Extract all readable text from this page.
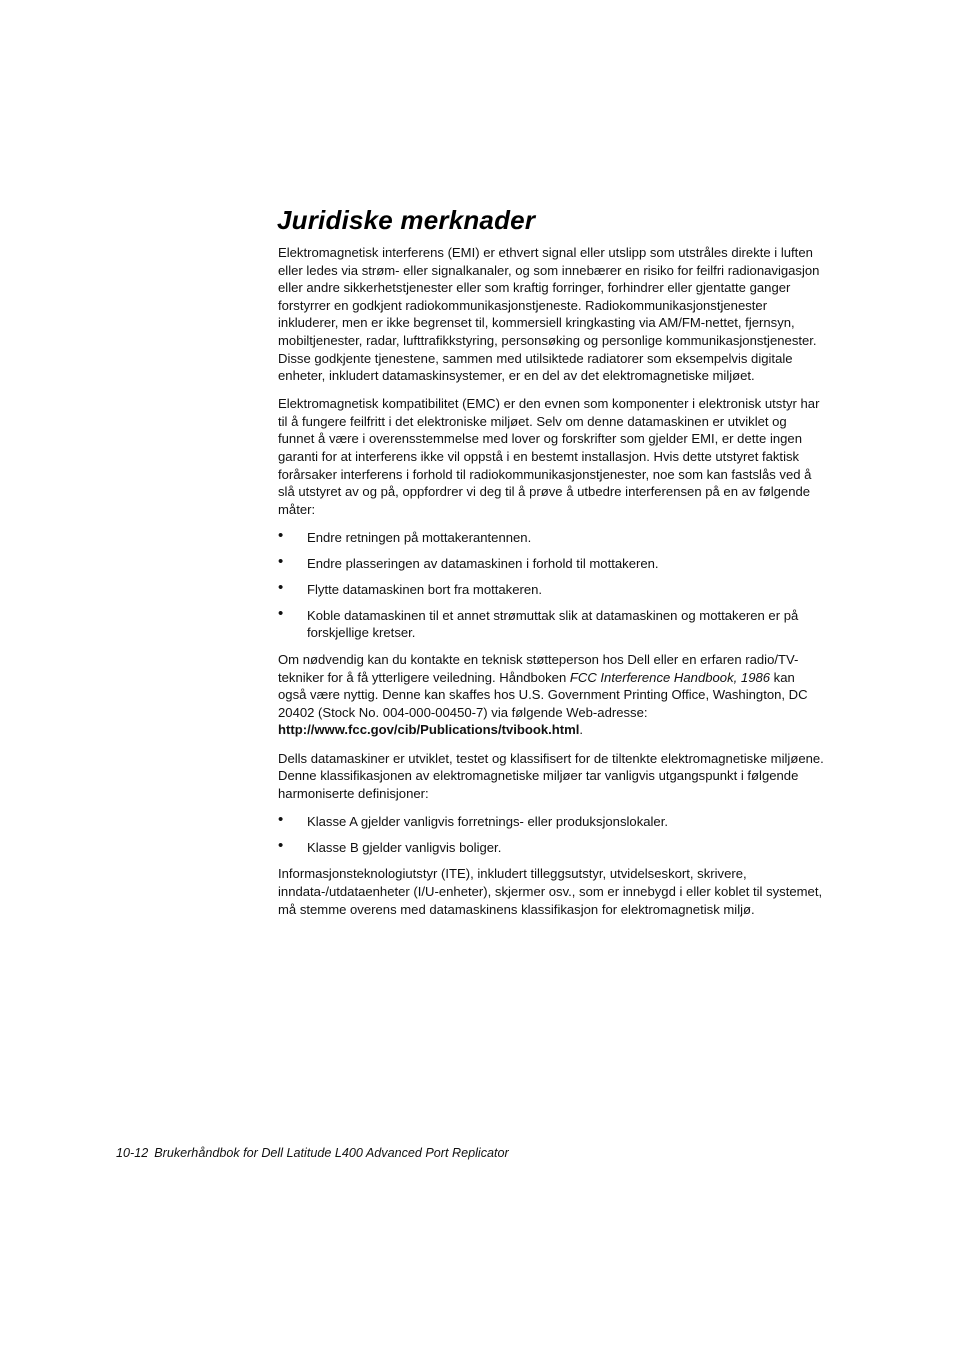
Juridiske merknader

Elektromagnetisk interferens (EMI) er ethvert signal eller utslipp som utstråles direkte i luften eller ledes via strøm- eller signalkanaler, og som innebærer en risiko for feilfri radionavigasjon eller andre sikkerhetstjenester eller som kraftig forringer, forhindrer eller gjentatte ganger forstyrrer en godkjent radiokommunikasjonstjeneste. Radiokommunikasjonstjenester inkluderer, men er ikke begrenset til, kommersiell kringkasting via AM/FM-nettet, fjernsyn, mobiltjenester, radar, lufttrafikkstyring, personsøking og personlige kommunikasjonstjenester. Disse godkjente tjenestene, sammen med utilsiktede radiatorer som eksempelvis digitale enheter, inkludert datamaskinsystemer, er en del av det elektromagnetiske miljøet.

Elektromagnetisk kompatibilitet (EMC) er den evnen som komponenter i elektronisk utstyr har til å fungere feilfritt i det elektroniske miljøet. Selv om denne datamaskinen er utviklet og funnet å være i overensstemmelse med lover og forskrifter som gjelder EMI, er dette ingen garanti for at interferens ikke vil oppstå i en bestemt installasjon. Hvis dette utstyret faktisk forårsaker interferens i forhold til radiokommunikasjonstjenester, noe som kan fastslås ved å slå utstyret av og på, oppfordrer vi deg til å prøve å utbedre interferensen på en av følgende måter:

• Endre retningen på mottakerantennen.
• Endre plasseringen av datamaskinen i forhold til mottakeren.
• Flytte datamaskinen bort fra mottakeren.
• Koble datamaskinen til et annet strømuttak slik at datamaskinen og mottakeren er på forskjellige kretser.

Om nødvendig kan du kontakte en teknisk støtteperson hos Dell eller en erfaren radio/TV-tekniker for å få ytterligere veiledning. Håndboken FCC Interference Handbook, 1986 kan også være nyttig. Denne kan skaffes hos U.S. Government Printing Office, Washington, DC 20402 (Stock No. 004-000-00450-7) via følgende Web-adresse: http://www.fcc.gov/cib/Publications/tvibook.html.

Dells datamaskiner er utviklet, testet og klassifisert for de tiltenkte elektromagnetiske miljøene. Denne klassifikasjonen av elektromagnetiske miljøer tar vanligvis utgangspunkt i følgende harmoniserte definisjoner:

• Klasse A gjelder vanligvis forretnings- eller produksjonslokaler.
• Klasse B gjelder vanligvis boliger.

Informasjonsteknologiutstyr (ITE), inkludert tilleggsutstyr, utvidelseskort, skrivere, inndata-/utdataenheter (I/U-enheter), skjermer osv., som er innebygd i eller koblet til systemet, må stemme overens med datamaskinens klassifikasjon for elektromagnetisk miljø.

10-12 Brukerhåndbok for Dell Latitude L400 Advanced Port Replicator
